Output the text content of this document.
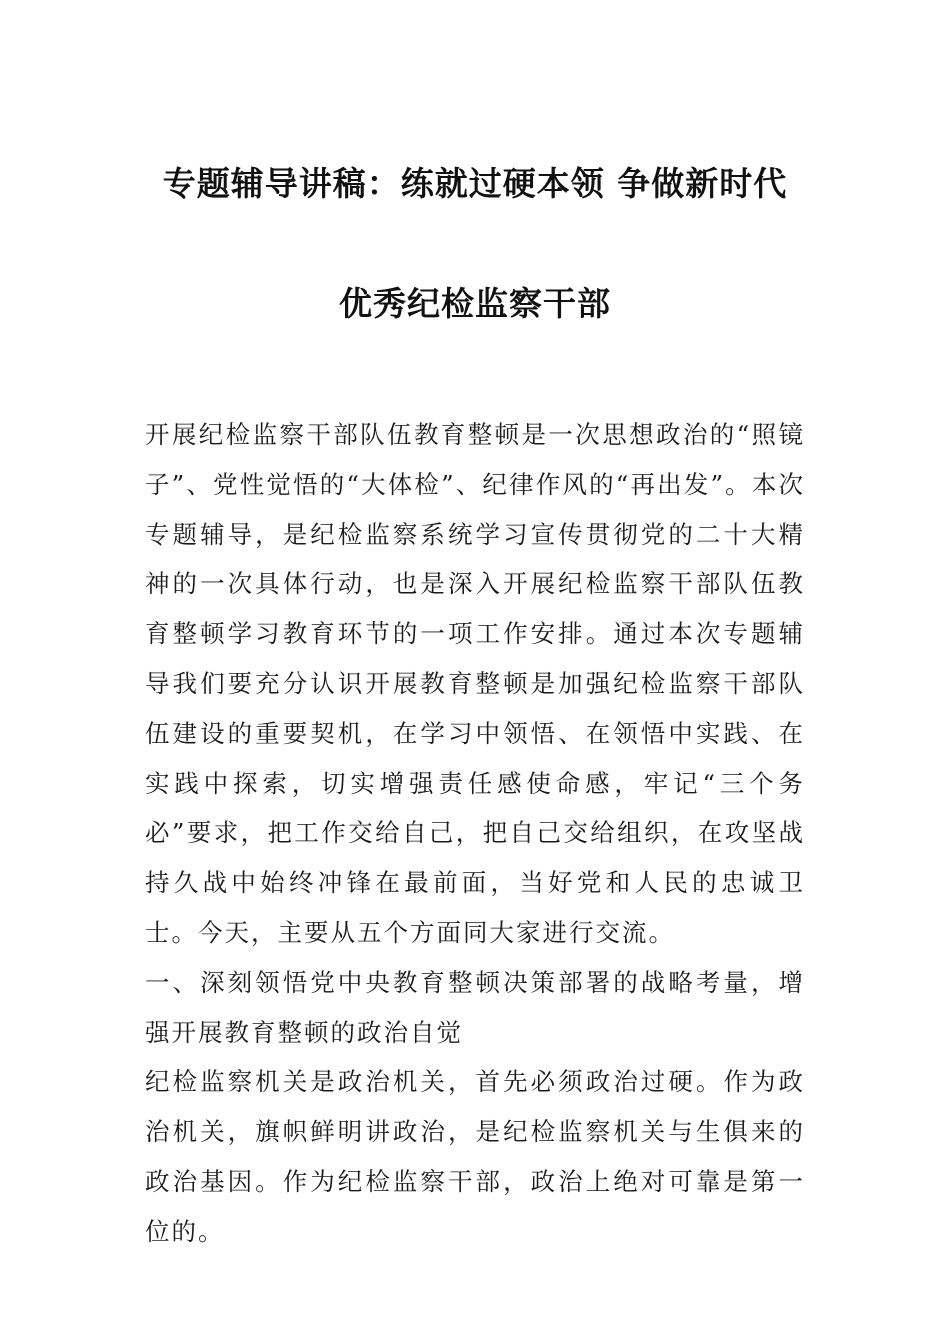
专题辅导讲稿：练就过硬本领 争做新时代
优秀纪检监察干部

开展纪检监察干部队伍教育整顿是一次思想政治的“照镜子”、党性觉悟的“大体检”、纪律作风的“再出发”。本次专题辅导，是纪检监察系统学习宣传贯彻党的二十大精神的一次具体行动，也是深入开展纪检监察干部队伍教育整顿学习教育环节的一项工作安排。通过本次专题辅导我们要充分认识开展教育整顿是加强纪检监察干部队伍建设的重要契机，在学习中领悟、在领悟中实践、在实践中探索，切实增强责任感使命感，牢记“三个务必”要求，把工作交给自己，把自己交给组织，在攻坚战持久战中始终冲锋在最前面，当好党和人民的忠诚卫士。今天，主要从五个方面同大家进行交流。

一、深刻领悟党中央教育整顿决策部署的战略考量，增强开展教育整顿的政治自觉

纪检监察机关是政治机关，首先必须政治过硬。作为政治机关，旗帜鲜明讲政治，是纪检监察机关与生俱来的政治基因。作为纪检监察干部，政治上绝对可靠是第一位的。
